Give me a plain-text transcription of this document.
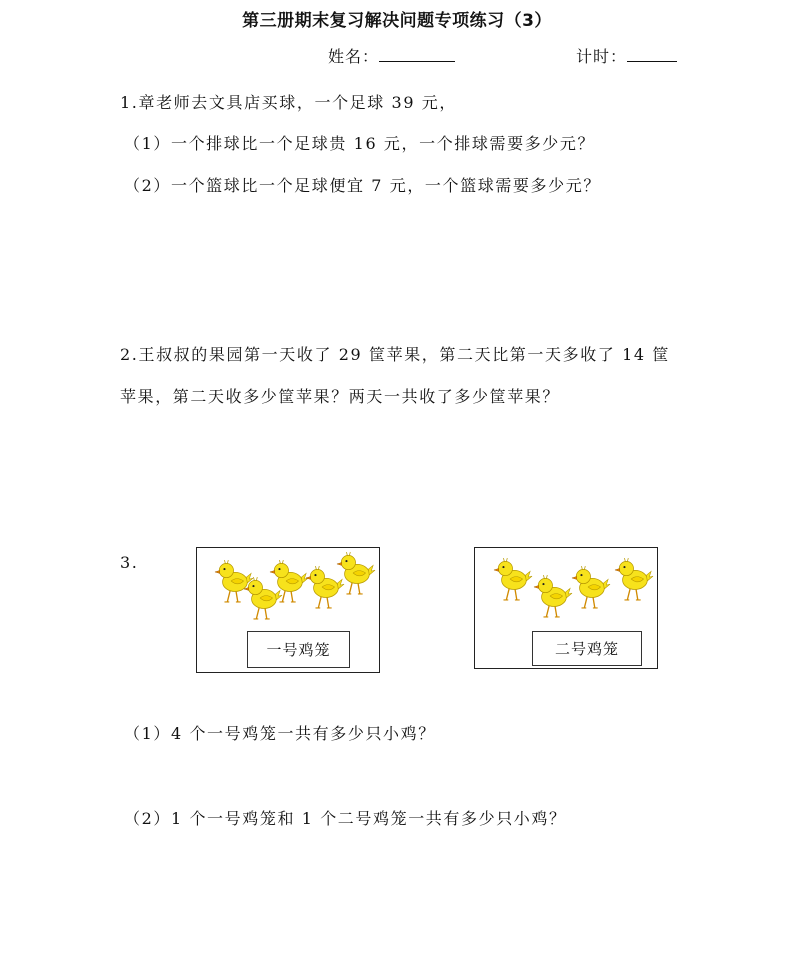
第三册期末复习解决问题专项练习（3）
姓名：	计时：
1.章老师去文具店买球，一个足球 39 元，
（1）一个排球比一个足球贵 16 元，一个排球需要多少元？
（2）一个篮球比一个足球便宜 7 元，一个篮球需要多少元？
2.王叔叔的果园第一天收了 29 筐苹果，第二天比第一天多收了 14 筐
苹果，第二天收多少筐苹果？两天一共收了多少筐苹果？
3.
一号鸡笼	二号鸡笼
（1）4 个一号鸡笼一共有多少只小鸡？
（2）1 个一号鸡笼和 1 个二号鸡笼一共有多少只小鸡？
